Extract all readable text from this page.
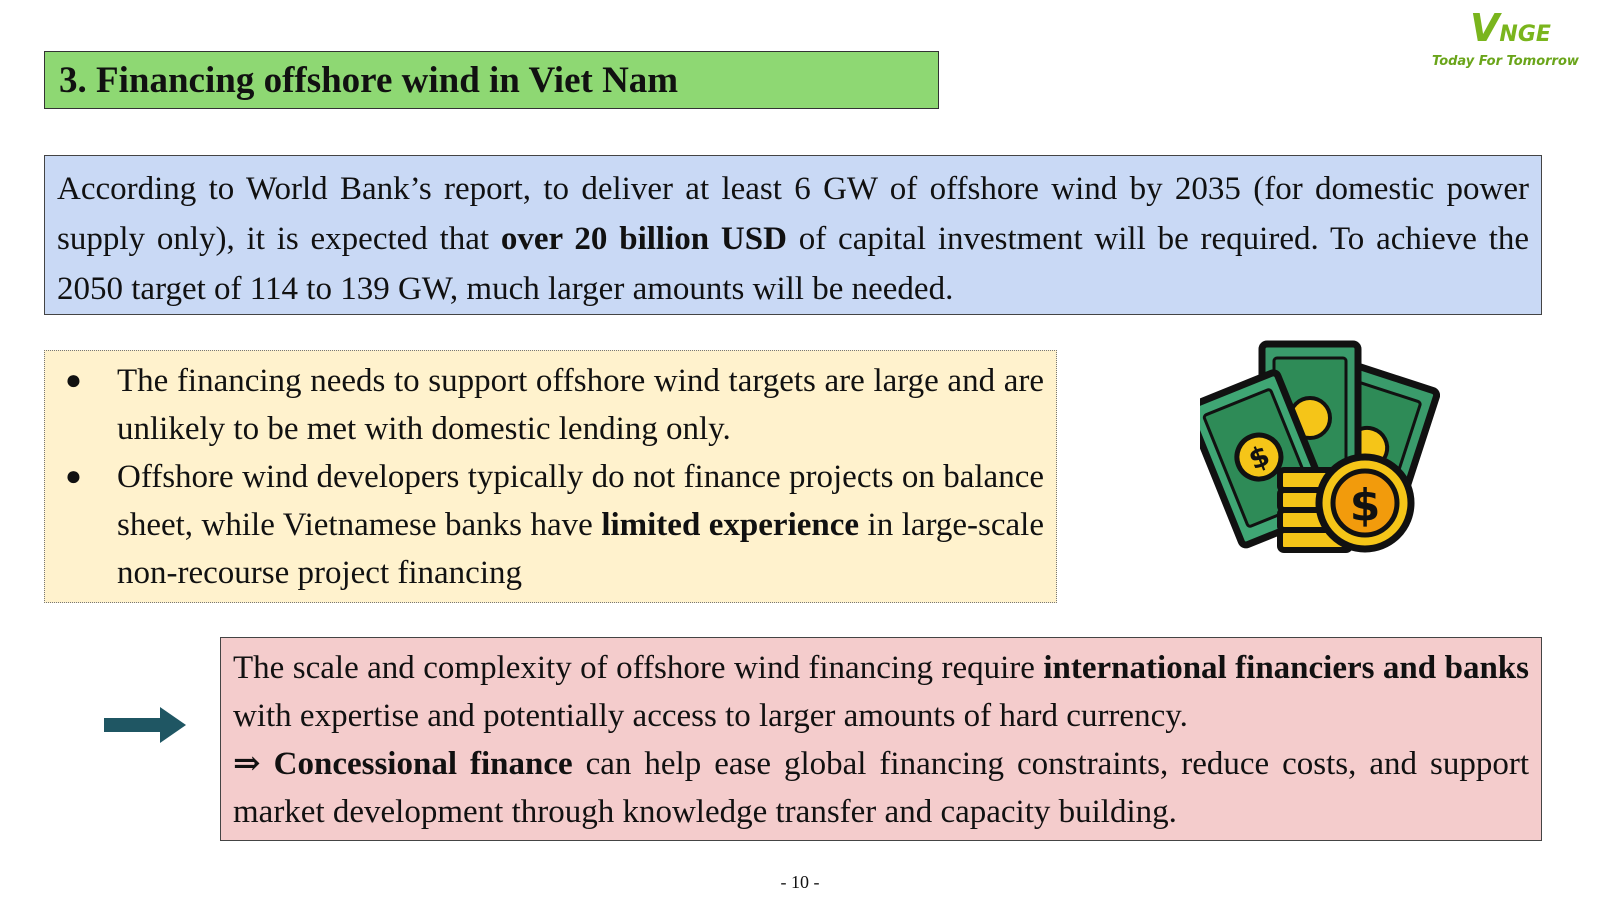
VNGE
Today For Tomorrow
3. Financing offshore wind in Viet Nam
According to World Bank’s report, to deliver at least 6 GW of offshore wind by 2035 (for domestic power supply only), it is expected that over 20 billion USD of capital investment will be required. To achieve the 2050 target of 114 to 139 GW, much larger amounts will be needed.
●	The financing needs to support offshore wind targets are large and are unlikely to be met with domestic lending only.
●	Offshore wind developers typically do not finance projects on balance sheet, while Vietnamese banks have limited experience in large-scale non-recourse project financing
$
$
The scale and complexity of offshore wind financing require international financiers and banks with expertise and potentially access to larger amounts of hard currency.
⇒ Concessional finance can help ease global financing constraints, reduce costs, and support market development through knowledge transfer and capacity building.
- 10 -
